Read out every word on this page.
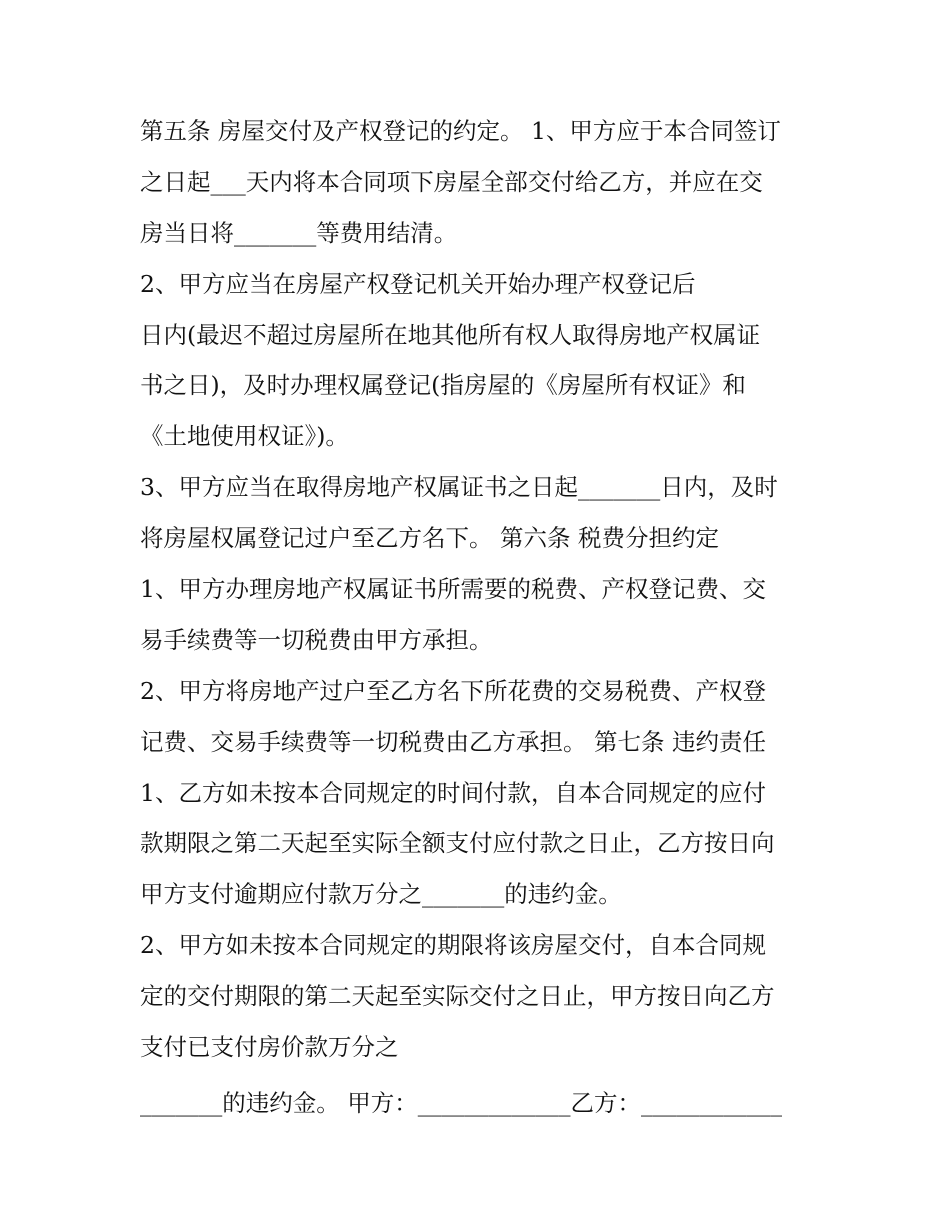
第五条 房屋交付及产权登记的约定。 1、甲方应于本合同签订
之日起___天内将本合同项下房屋全部交付给乙方，并应在交
房当日将_______等费用结清。
2、甲方应当在房屋产权登记机关开始办理产权登记后
日内(最迟不超过房屋所在地其他所有权人取得房地产权属证
书之日)，及时办理权属登记(指房屋的《房屋所有权证》和
《土地使用权证》)。
3、甲方应当在取得房地产权属证书之日起_______日内，及时
将房屋权属登记过户至乙方名下。 第六条 税费分担约定
1、甲方办理房地产权属证书所需要的税费、产权登记费、交
易手续费等一切税费由甲方承担。
2、甲方将房地产过户至乙方名下所花费的交易税费、产权登
记费、交易手续费等一切税费由乙方承担。 第七条 违约责任
1、乙方如未按本合同规定的时间付款，自本合同规定的应付
款期限之第二天起至实际全额支付应付款之日止，乙方按日向
甲方支付逾期应付款万分之_______的违约金。
2、甲方如未按本合同规定的期限将该房屋交付，自本合同规
定的交付期限的第二天起至实际交付之日止，甲方按日向乙方
支付已支付房价款万分之
_______的违约金。 甲方：_____________乙方：____________
